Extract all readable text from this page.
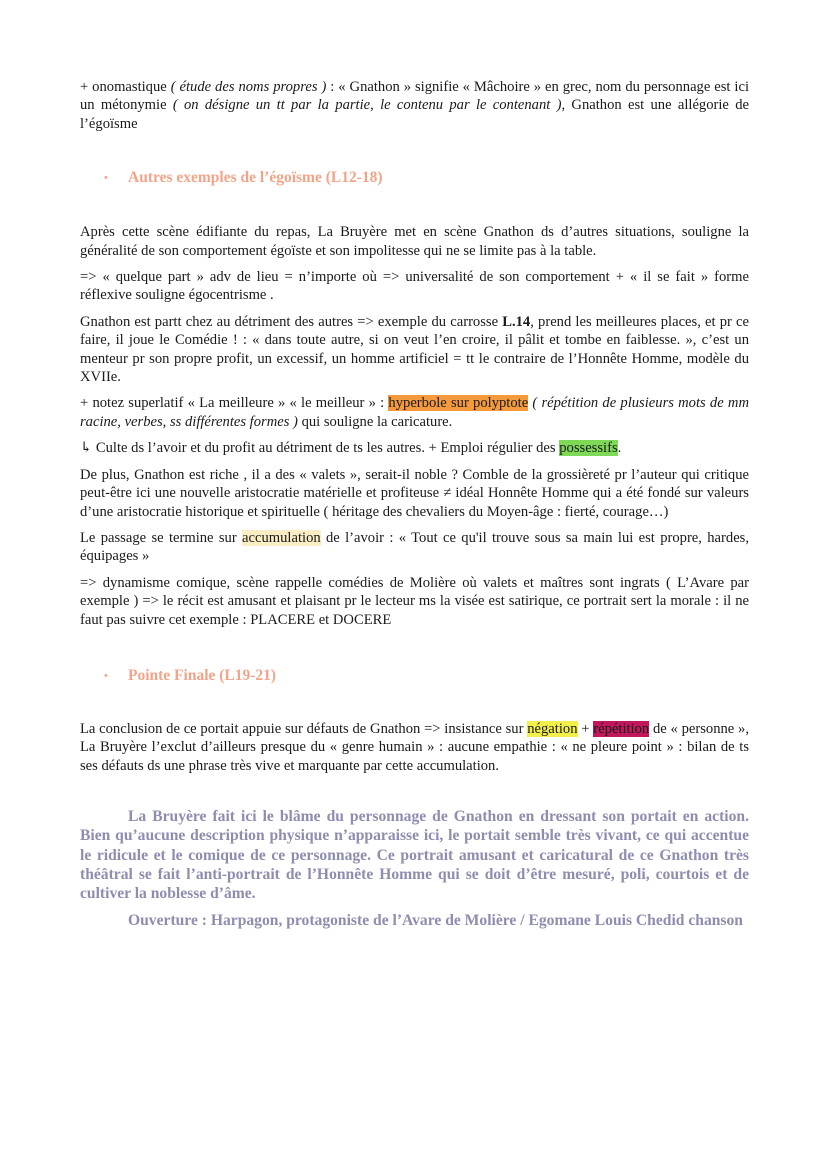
+ onomastique ( étude des noms propres ) : « Gnathon » signifie « Mâchoire » en grec, nom du personnage est ici un métonymie ( on désigne un tt par la partie, le contenu par le contenant ), Gnathon est une allégorie de l’égoïsme

•	Autres exemples de l’égoïsme (L12-18)

Après cette scène édifiante du repas, La Bruyère met en scène Gnathon ds d’autres situations, souligne la généralité de son comportement égoïste et son impolitesse qui ne se limite pas à la table.

=> « quelque part » adv de lieu = n’importe où => universalité de son comportement + « il se fait » forme réflexive souligne égocentrisme .

Gnathon est partt chez au détriment des autres => exemple du carrosse L.14, prend les meilleures places, et pr ce faire, il joue le Comédie ! : « dans toute autre, si on veut l’en croire, il pâlit et tombe en faiblesse. », c’est un menteur pr son propre profit, un excessif, un homme artificiel = tt le contraire de l’Honnête Homme, modèle du XVIIe.

+ notez superlatif « La meilleure » « le meilleur » : hyperbole sur polyptote ( répétition de plusieurs mots de mm racine, verbes, ss différentes formes ) qui souligne la caricature.

↳ Culte ds l’avoir et du profit au détriment de ts les autres. + Emploi régulier des possessifs.

De plus, Gnathon est riche , il a des « valets », serait-il noble ? Comble de la grossièreté pr l’auteur qui critique peut-être ici une nouvelle aristocratie matérielle et profiteuse ≠ idéal Honnête Homme qui a été fondé sur valeurs d’une aristocratie historique et spirituelle ( héritage des chevaliers du Moyen-âge : fierté, courage…)

Le passage se termine sur accumulation de l’avoir : « Tout ce qu'il trouve sous sa main lui est propre, hardes, équipages »

=> dynamisme comique, scène rappelle comédies de Molière où valets et maîtres sont ingrats ( L’Avare par exemple ) => le récit est amusant et plaisant pr le lecteur ms la visée est satirique, ce portrait sert la morale : il ne faut pas suivre cet exemple : PLACERE et DOCERE

•	Pointe Finale (L19-21)

La conclusion de ce portait appuie sur défauts de Gnathon => insistance sur négation + répétition de « personne », La Bruyère l’exclut d’ailleurs presque du « genre humain » : aucune empathie : « ne pleure point » : bilan de ts ses défauts ds une phrase très vive et marquante par cette accumulation.

La Bruyère fait ici le blâme du personnage de Gnathon en dressant son portait en action. Bien qu’aucune description physique n’apparaisse ici, le portait semble très vivant, ce qui accentue le ridicule et le comique de ce personnage. Ce portrait amusant et caricatural de ce Gnathon très théâtral se fait l’anti-portrait de l’Honnête Homme qui se doit d’être mesuré, poli, courtois et de cultiver la noblesse d’âme.

Ouverture : Harpagon, protagoniste de l’Avare de Molière / Egomane Louis Chedid chanson
